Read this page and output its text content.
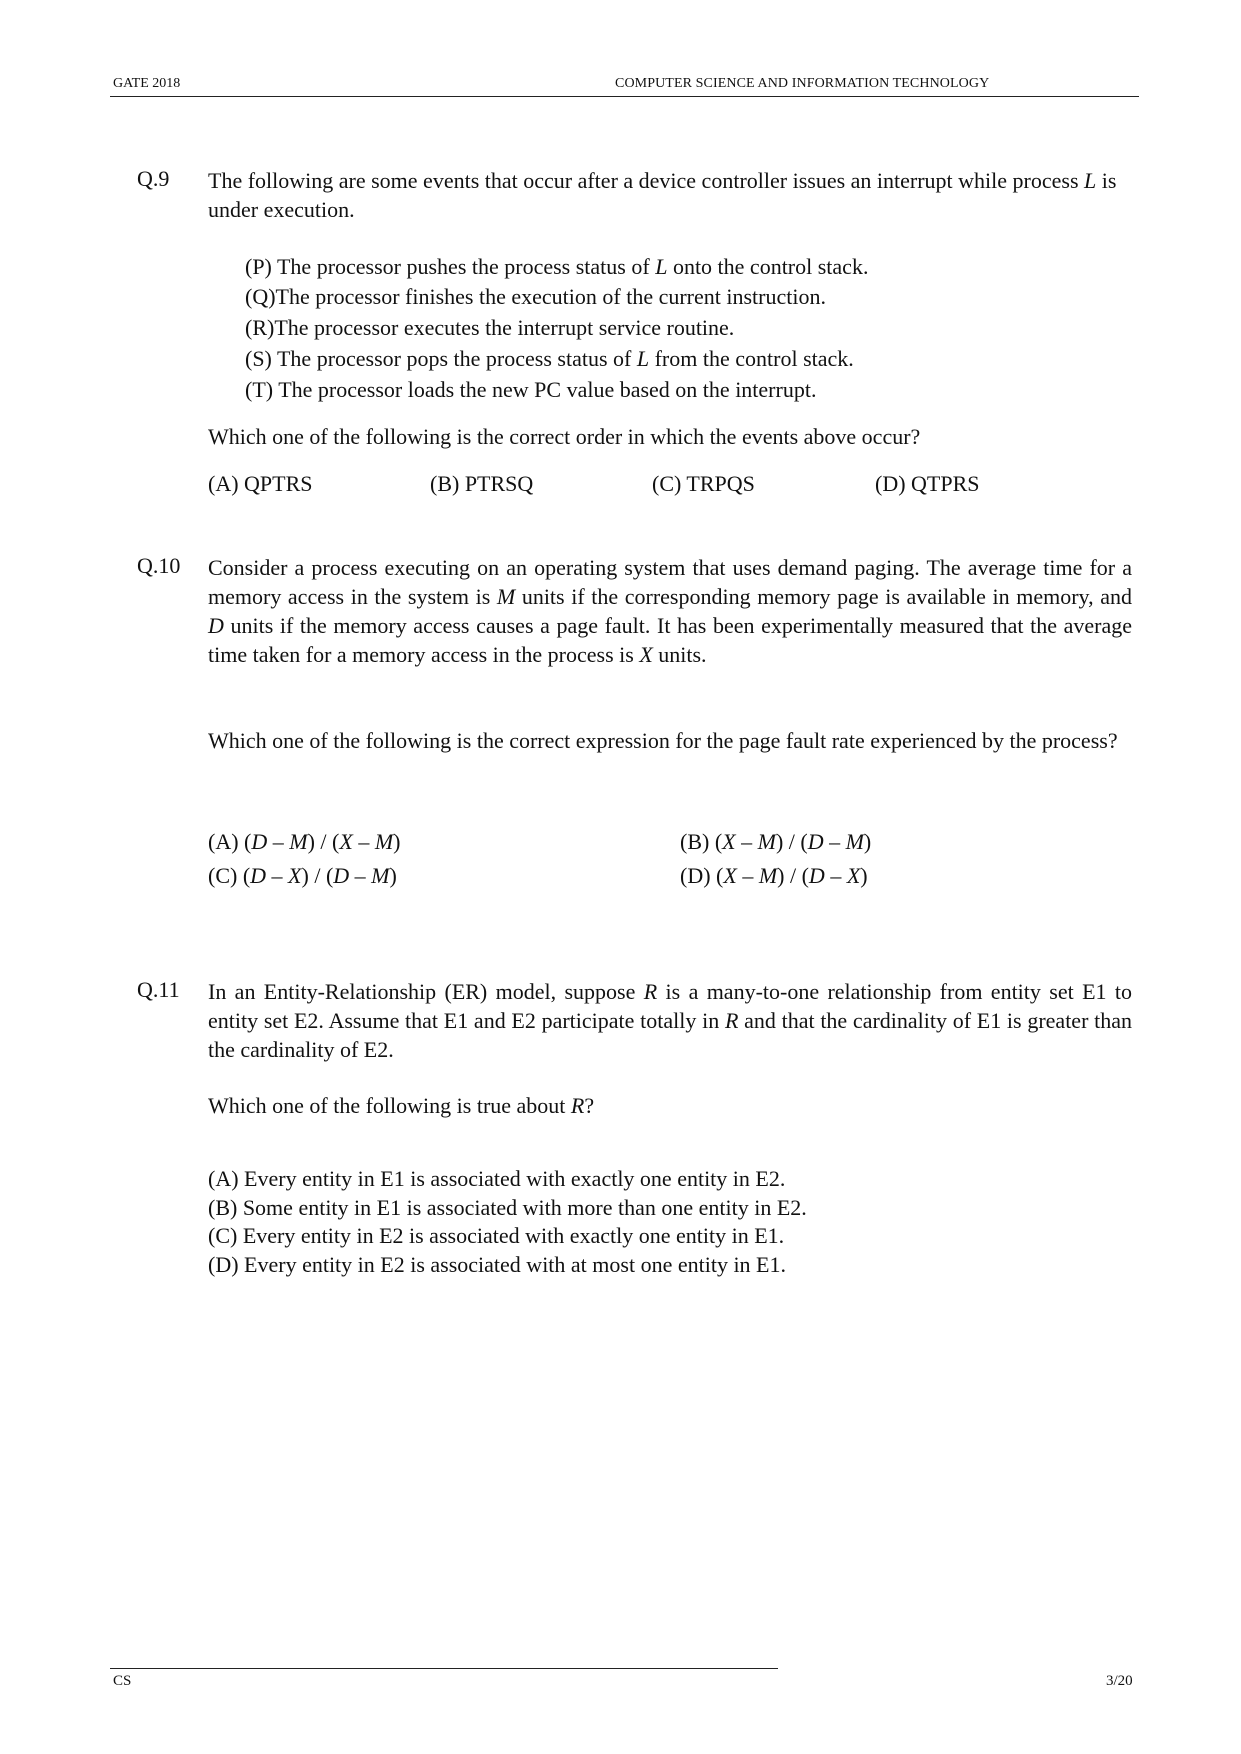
GATE 2018	COMPUTER SCIENCE AND INFORMATION TECHNOLOGY
Q.9 The following are some events that occur after a device controller issues an interrupt while process L is under execution.
(P) The processor pushes the process status of L onto the control stack.
(Q)The processor finishes the execution of the current instruction.
(R)The processor executes the interrupt service routine.
(S) The processor pops the process status of L from the control stack.
(T) The processor loads the new PC value based on the interrupt.
Which one of the following is the correct order in which the events above occur?
(A) QPTRS	(B) PTRSQ	(C) TRPQS	(D) QTPRS
Q.10 Consider a process executing on an operating system that uses demand paging. The average time for a memory access in the system is M units if the corresponding memory page is available in memory, and D units if the memory access causes a page fault. It has been experimentally measured that the average time taken for a memory access in the process is X units.
Which one of the following is the correct expression for the page fault rate experienced by the process?
(A) (D – M) / (X – M)	(B) (X – M) / (D – M)
(C) (D – X) / (D – M)	(D) (X – M) / (D – X)
Q.11 In an Entity-Relationship (ER) model, suppose R is a many-to-one relationship from entity set E1 to entity set E2. Assume that E1 and E2 participate totally in R and that the cardinality of E1 is greater than the cardinality of E2.
Which one of the following is true about R?
(A) Every entity in E1 is associated with exactly one entity in E2.
(B) Some entity in E1 is associated with more than one entity in E2.
(C) Every entity in E2 is associated with exactly one entity in E1.
(D) Every entity in E2 is associated with at most one entity in E1.
CS	3/20
